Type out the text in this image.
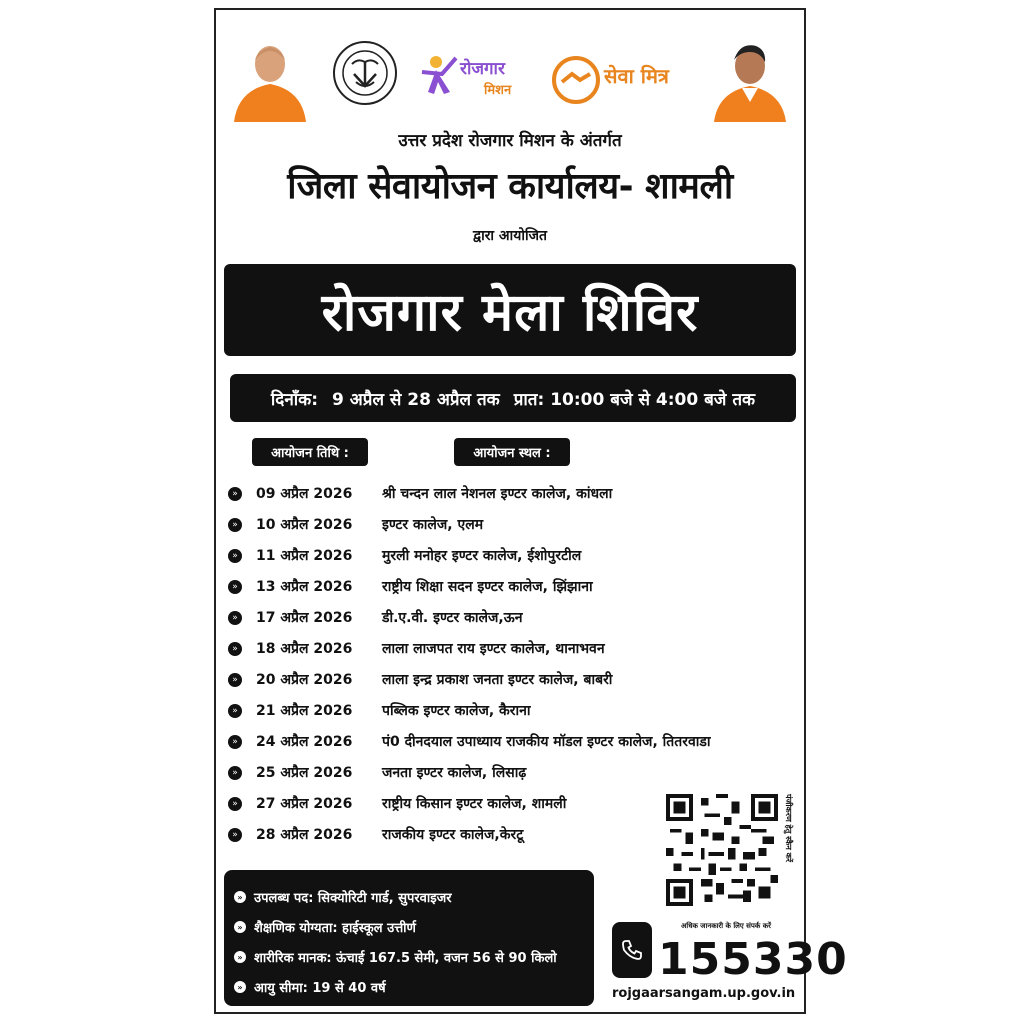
रोजगार
मिशन
सेवा मित्र
उत्तर प्रदेश रोजगार मिशन के अंतर्गत
जिला सेवायोजन कार्यालय- शामली
द्वारा आयोजित
रोजगार मेला शिविर
दिनाँक: 9 अप्रैल से 28 अप्रैल तक प्रात: 10:00 बजे से 4:00 बजे तक
आयोजन तिथि :	आयोजन स्थल :
»	09 अप्रैल 2026	श्री चन्दन लाल नेशनल इण्टर कालेज, कांधला
»	10 अप्रैल 2026	इण्टर कालेज, एलम
»	11 अप्रैल 2026	मुरली मनोहर इण्टर कालेज, ईशोपुरटील
»	13 अप्रैल 2026	राष्ट्रीय शिक्षा सदन इण्टर कालेज, झिंझाना
»	17 अप्रैल 2026	डी.ए.वी. इण्टर कालेज,ऊन
»	18 अप्रैल 2026	लाला लाजपत राय इण्टर कालेज, थानाभवन
»	20 अप्रैल 2026	लाला इन्द्र प्रकाश जनता इण्टर कालेज, बाबरी
»	21 अप्रैल 2026	पब्लिक इण्टर कालेज, कैराना
»	24 अप्रैल 2026	पं0 दीनदयाल उपाध्याय राजकीय मॉडल इण्टर कालेज, तितरवाडा
»	25 अप्रैल 2026	जनता इण्टर कालेज, लिसाढ़
»	27 अप्रैल 2026	राष्ट्रीय किसान इण्टर कालेज, शामली
»	28 अप्रैल 2026	राजकीय इण्टर कालेज,केरटू	पंजीकरण हेतु स्कैन करें
» उपलब्ध पद: सिक्योरिटी गार्ड, सुपरवाइजर
» शैक्षणिक योग्यता: हाईस्कूल उत्तीर्ण
» शारीरिक मानक: ऊंचाई 167.5 सेमी, वजन 56 से 90 किलो
» आयु सीमा: 19 से 40 वर्ष
अधिक जानकारी के लिए संपर्क करें
155330
rojgaarsangam.up.gov.in
